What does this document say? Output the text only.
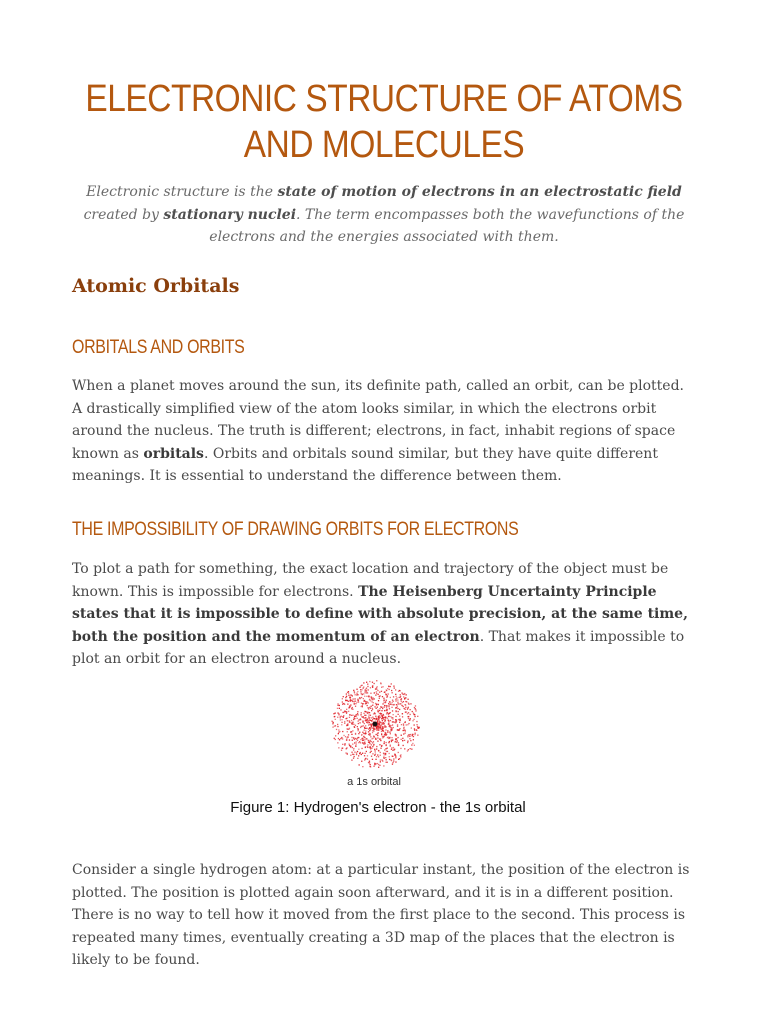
ELECTRONIC STRUCTURE OF ATOMS AND MOLECULES

Electronic structure is the state of motion of electrons in an electrostatic field created by stationary nuclei. The term encompasses both the wavefunctions of the electrons and the energies associated with them.

Atomic Orbitals
ORBITALS AND ORBITS

When a planet moves around the sun, its definite path, called an orbit, can be plotted. A drastically simplified view of the atom looks similar, in which the electrons orbit around the nucleus. The truth is different; electrons, in fact, inhabit regions of space known as orbitals. Orbits and orbitals sound similar, but they have quite different meanings. It is essential to understand the difference between them.

THE IMPOSSIBILITY OF DRAWING ORBITS FOR ELECTRONS

To plot a path for something, the exact location and trajectory of the object must be known. This is impossible for electrons. The Heisenberg Uncertainty Principle states that it is impossible to define with absolute precision, at the same time, both the position and the momentum of an electron. That makes it impossible to plot an orbit for an electron around a nucleus.

a 1s orbital
Figure 1: Hydrogen's electron - the 1s orbital

Consider a single hydrogen atom: at a particular instant, the position of the electron is plotted. The position is plotted again soon afterward, and it is in a different position. There is no way to tell how it moved from the first place to the second. This process is repeated many times, eventually creating a 3D map of the places that the electron is likely to be found.
